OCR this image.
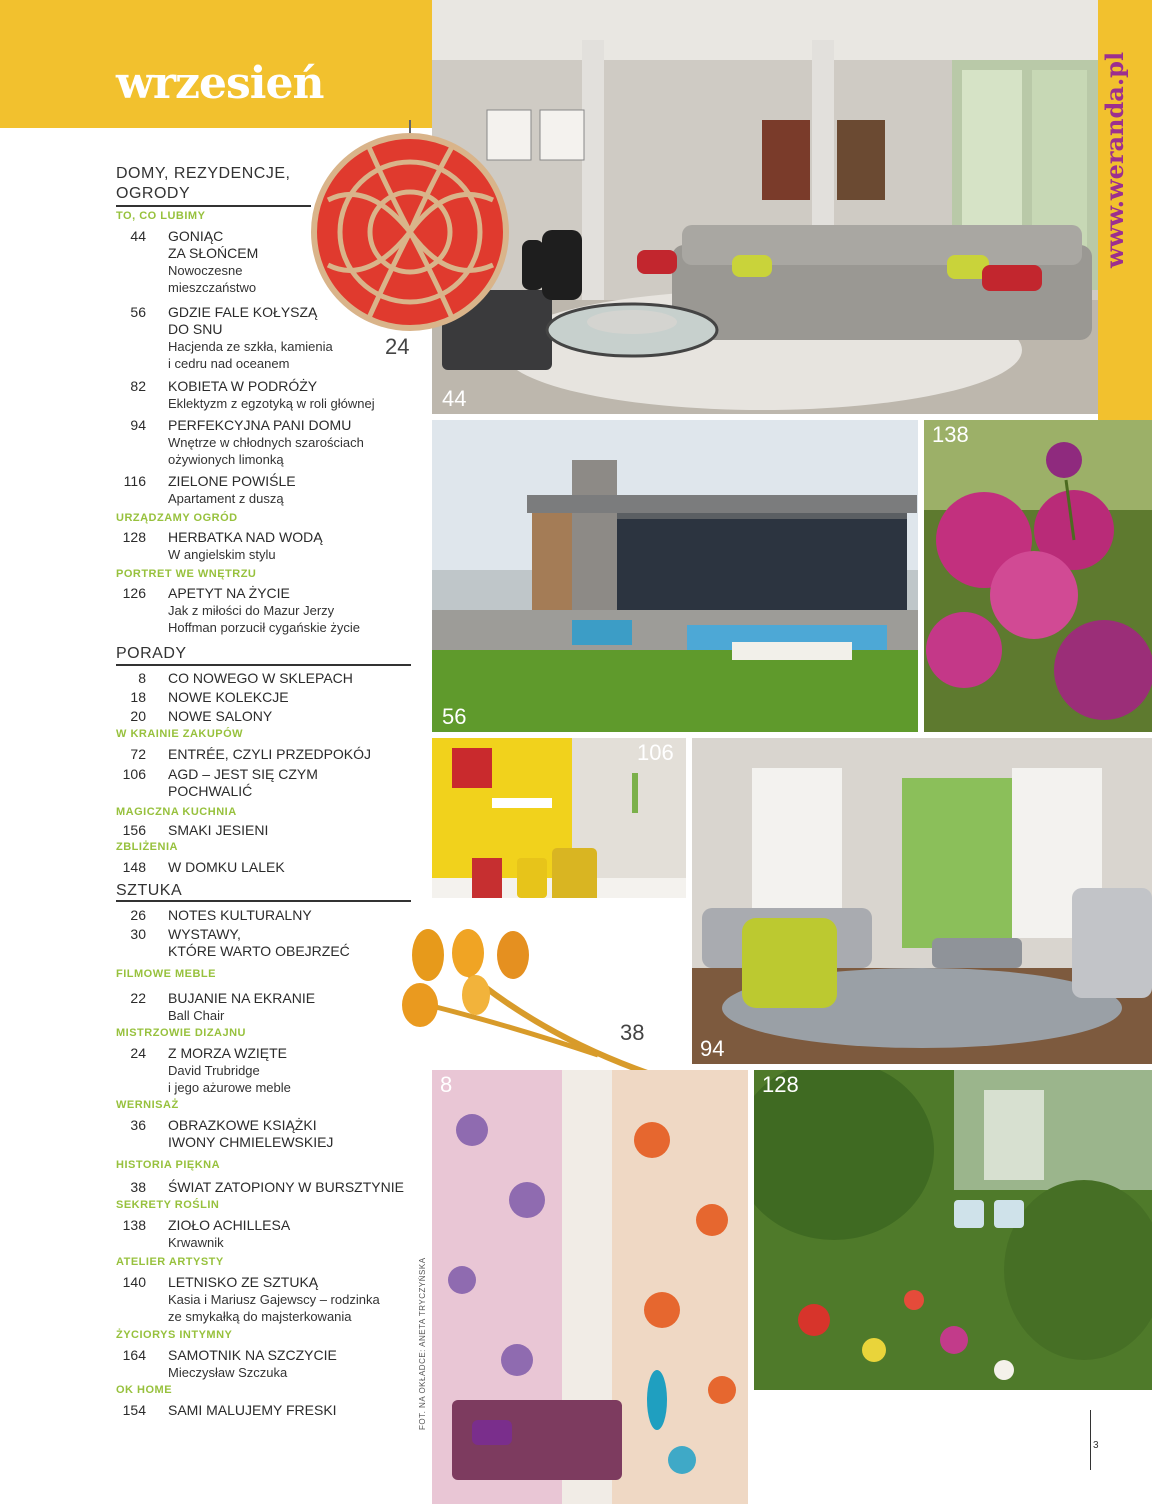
wrzesień	www.weranda.pl
44
24
56
138
106
38
94
8	128
FOT. NA OKŁADCE: ANETA TRYCZYŃSKA
3
DOMY, REZYDENCJE,
OGRODY
TO, CO LUBIMY
44 GONIĄC
ZA SŁOŃCEM
Nowoczesne
mieszczaństwo
56 GDZIE FALE KOŁYSZĄ
DO SNU
Hacjenda ze szkła, kamienia
i cedru nad oceanem
82 KOBIETA W PODRÓŻY
Eklektyzm z egzotyką w roli głównej
94 PERFEKCYJNA PANI DOMU
Wnętrze w chłodnych szarościach
ożywionych limonką
116 ZIELONE POWIŚLE
Apartament z duszą
URZĄDZAMY OGRÓD
128 HERBATKA NAD WODĄ
W angielskim stylu
PORTRET WE WNĘTRZU
126 APETYT NA ŻYCIE
Jak z miłości do Mazur Jerzy
Hoffman porzucił cygańskie życie
PORADY
8 CO NOWEGO W SKLEPACH
18 NOWE KOLEKCJE
20 NOWE SALONY
W KRAINIE ZAKUPÓW
72 ENTRÉE, CZYLI PRZEDPOKÓJ
106 AGD – JEST SIĘ CZYM
POCHWALIĆ
MAGICZNA KUCHNIA
156 SMAKI JESIENI
ZBLIŻENIA
148 W DOMKU LALEK
SZTUKA
26 NOTES KULTURALNY
30 WYSTAWY,
KTÓRE WARTO OBEJRZEĆ
FILMOWE MEBLE
22 BUJANIE NA EKRANIE
Ball Chair
MISTRZOWIE DIZAJNU
24 Z MORZA WZIĘTE
David Trubridge
i jego ażurowe meble
WERNISAŻ
36 OBRAZKOWE KSIĄŻKI
IWONY CHMIELEWSKIEJ
HISTORIA PIĘKNA
38 ŚWIAT ZATOPIONY W BURSZTYNIE
SEKRETY ROŚLIN
138 ZIOŁO ACHILLESA
Krwawnik
ATELIER ARTYSTY
140 LETNISKO ZE SZTUKĄ
Kasia i Mariusz Gajewscy – rodzinka
ze smykałką do majsterkowania
ŻYCIORYS INTYMNY
164 SAMOTNIK NA SZCZYCIE
Mieczysław Szczuka
OK HOME
154 SAMI MALUJEMY FRESKI
